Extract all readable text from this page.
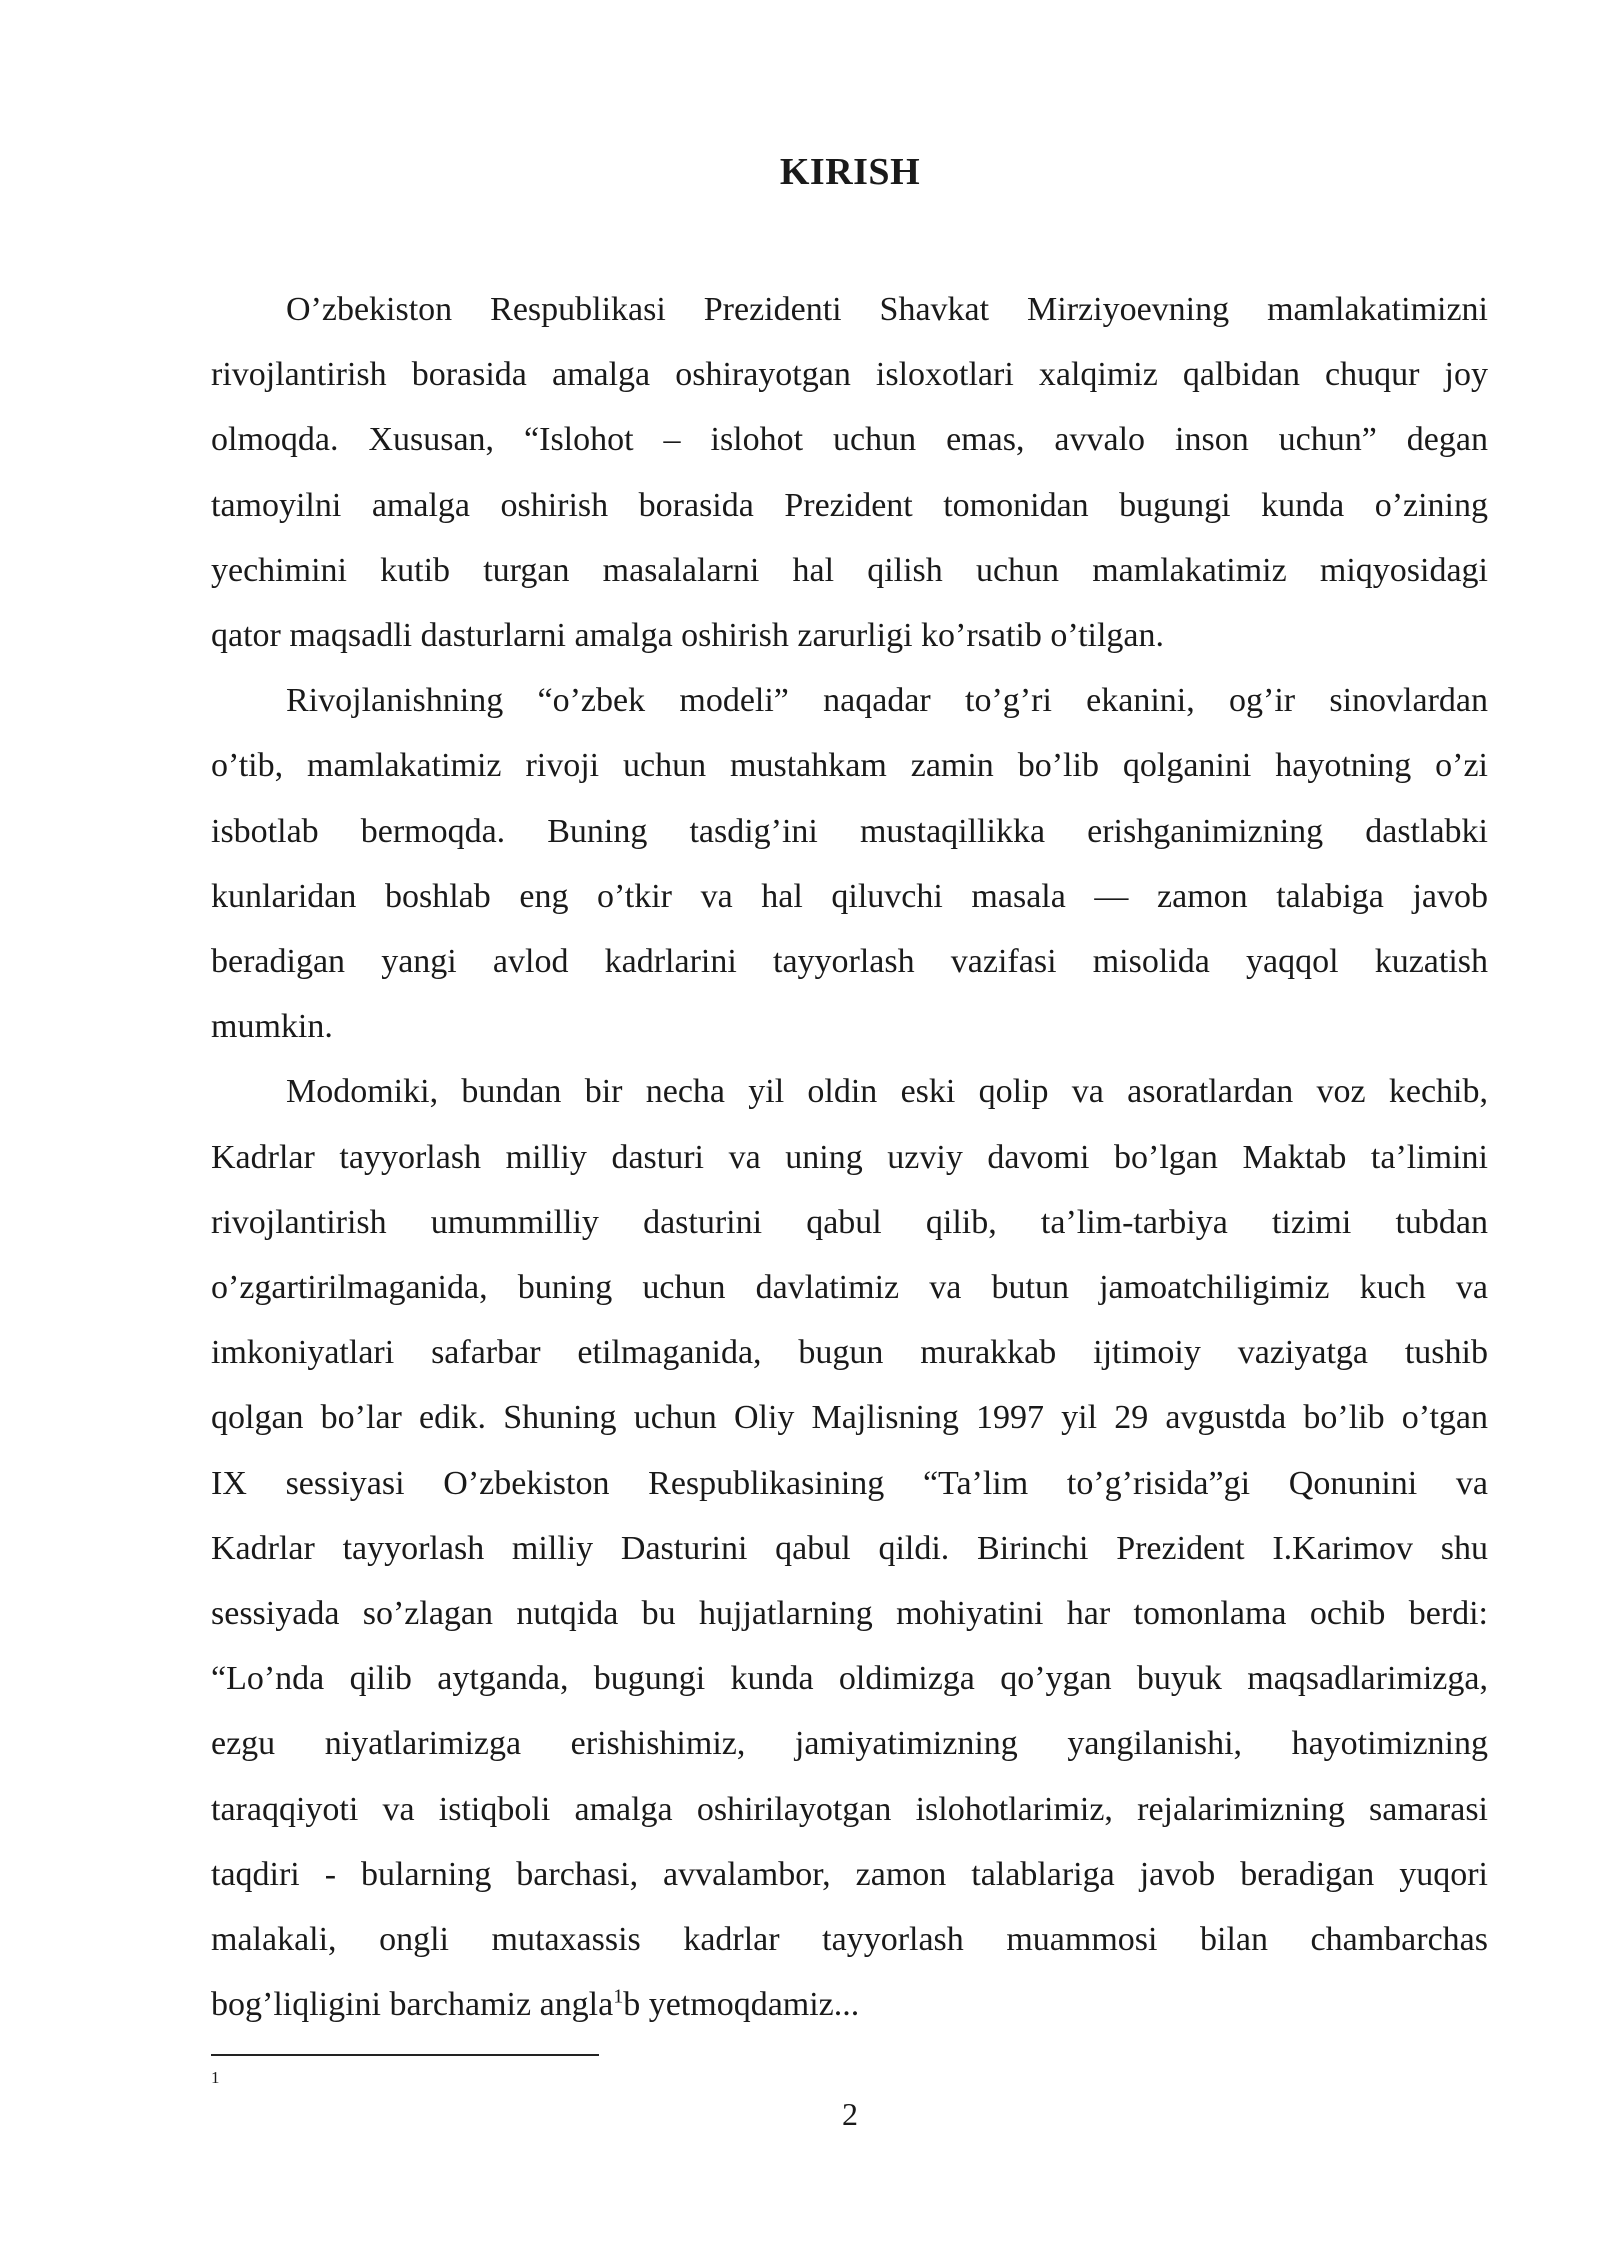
KIRISH
O’zbekiston Respublikasi Prezidenti Shavkat Mirziyoevning mamlakatimizni
rivojlantirish borasida amalga oshirayotgan isloxotlari xalqimiz qalbidan chuqur joy
olmoqda. Xususan, “Islohot – islohot uchun emas, avvalo inson uchun” degan
tamoyilni amalga oshirish borasida Prezident tomonidan bugungi kunda o’zining
yechimini kutib turgan masalalarni hal qilish uchun mamlakatimiz miqyosidagi
qator maqsadli dasturlarni amalga oshirish zarurligi ko’rsatib o’tilgan.
Rivojlanishning “o’zbek modeli” naqadar to’g’ri ekanini, og’ir sinovlardan
o’tib, mamlakatimiz rivoji uchun mustahkam zamin bo’lib qolganini hayotning o’zi
isbotlab bermoqda. Buning tasdig’ini mustaqillikka erishganimizning dastlabki
kunlaridan boshlab eng o’tkir va hal qiluvchi masala — zamon talabiga javob
beradigan yangi avlod kadrlarini tayyorlash vazifasi misolida yaqqol kuzatish
mumkin.
Modomiki, bundan bir necha yil oldin eski qolip va asoratlardan voz kechib,
Kadrlar tayyorlash milliy dasturi va uning uzviy davomi bo’lgan Maktab ta’limini
rivojlantirish umummilliy dasturini qabul qilib, ta’lim-tarbiya tizimi tubdan
o’zgartirilmaganida, buning uchun davlatimiz va butun jamoatchiligimiz kuch va
imkoniyatlari safarbar etilmaganida, bugun murakkab ijtimoiy vaziyatga tushib
qolgan bo’lar edik. Shuning uchun Oliy Majlisning 1997 yil 29 avgustda bo’lib o’tgan
IX sessiyasi O’zbekiston Respublikasining “Ta’lim to’g’risida”gi Qonunini va
Kadrlar tayyorlash milliy Dasturini qabul qildi. Birinchi Prezident I.Karimov shu
sessiyada so’zlagan nutqida bu hujjatlarning mohiyatini har tomonlama ochib berdi:
“Lo’nda qilib aytganda, bugungi kunda oldimizga qo’ygan buyuk maqsadlarimizga,
ezgu niyatlarimizga erishishimiz, jamiyatimizning yangilanishi, hayotimizning
taraqqiyoti va istiqboli amalga oshirilayotgan islohotlarimiz, rejalarimizning samarasi
taqdiri - bularning barchasi, avvalambor, zamon talablariga javob beradigan yuqori
malakali, ongli mutaxassis kadrlar tayyorlash muammosi bilan chambarchas
bog’liqligini barchamiz angla$^1$b yetmoqdamiz...
1
2
